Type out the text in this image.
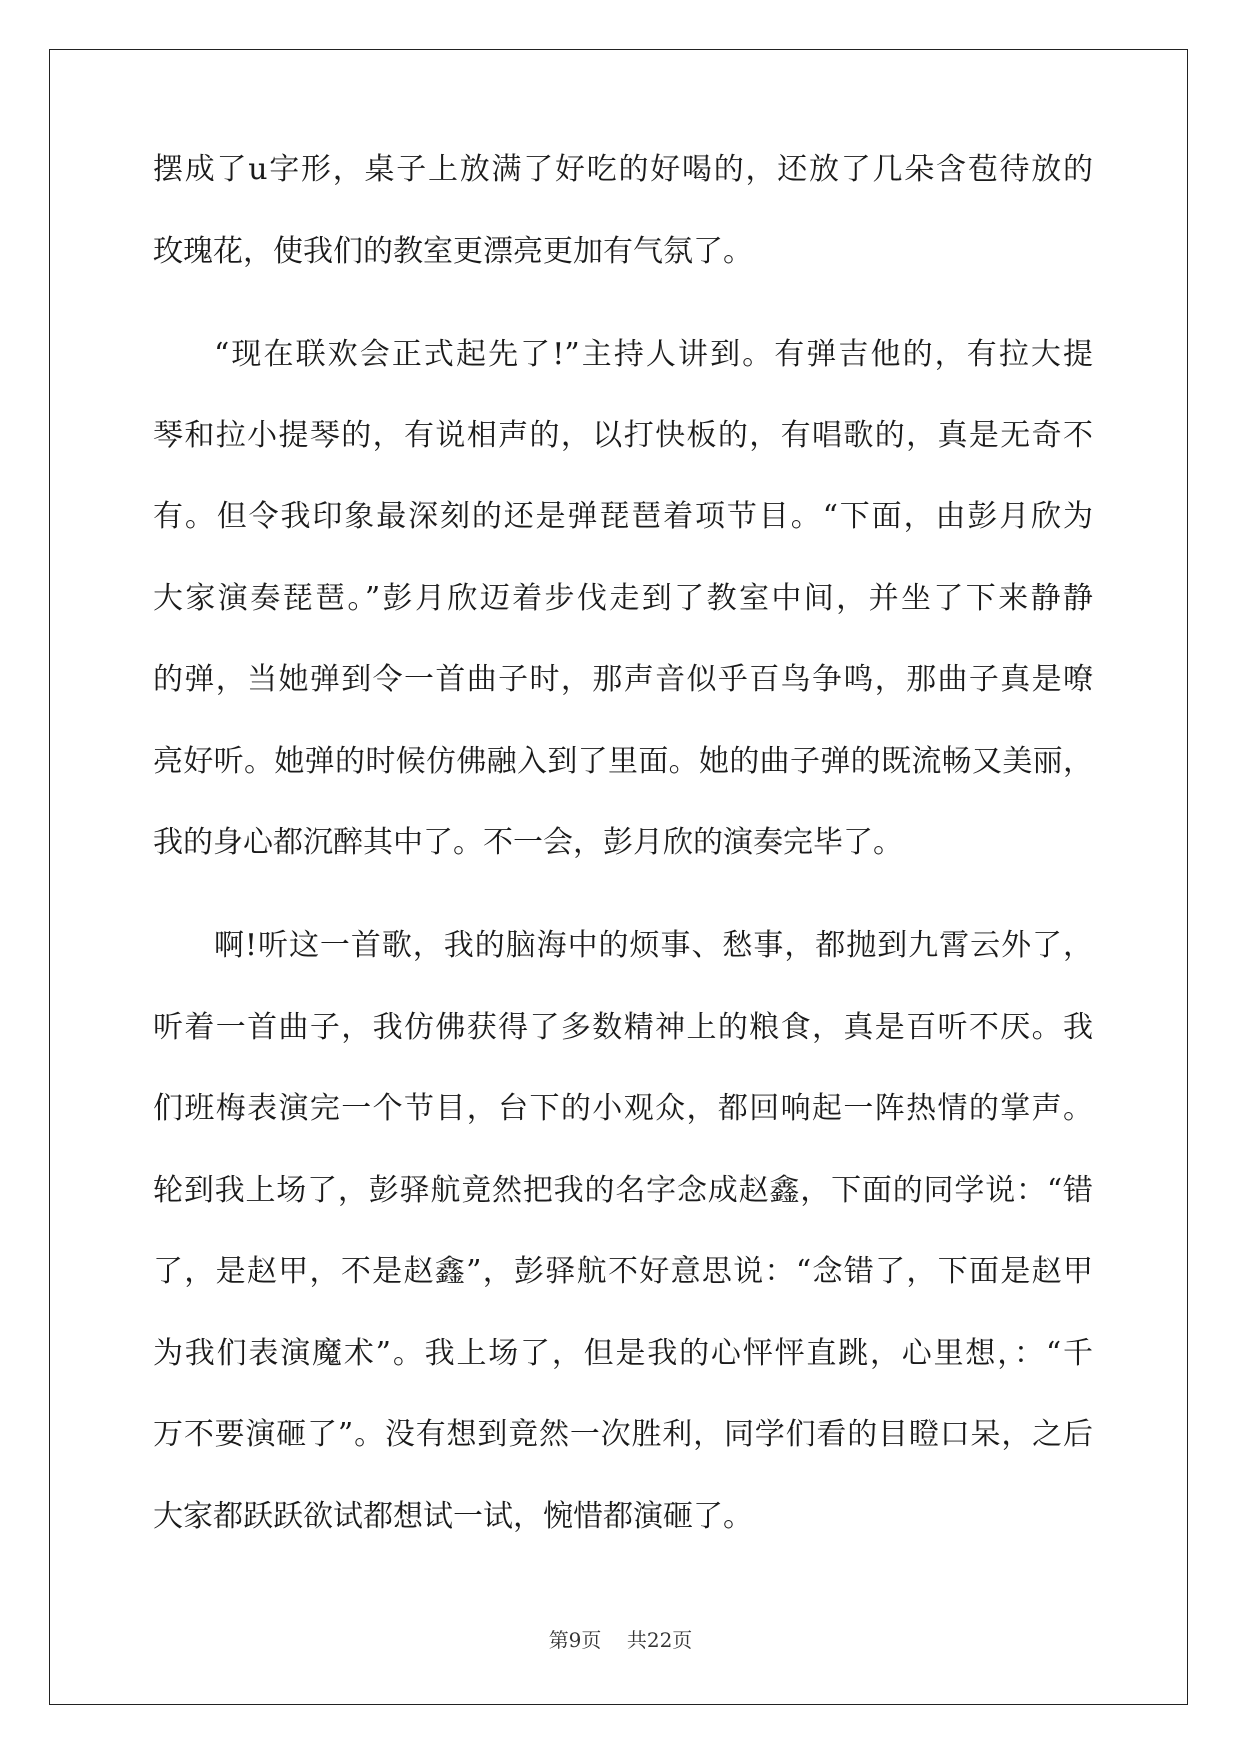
摆成了u字形，桌子上放满了好吃的好喝的，还放了几朵含苞待放的
玫瑰花，使我们的教室更漂亮更加有气氛了。
“现在联欢会正式起先了!”主持人讲到。有弹吉他的，有拉大提
琴和拉小提琴的，有说相声的，以打快板的，有唱歌的，真是无奇不
有。但令我印象最深刻的还是弹琵琶着项节目。“下面，由彭月欣为
大家演奏琵琶。”彭月欣迈着步伐走到了教室中间，并坐了下来静静
的弹，当她弹到令一首曲子时，那声音似乎百鸟争鸣，那曲子真是嘹
亮好听。她弹的时候仿佛融入到了里面。她的曲子弹的既流畅又美丽，
我的身心都沉醉其中了。不一会，彭月欣的演奏完毕了。
啊!听这一首歌，我的脑海中的烦事、愁事，都抛到九霄云外了，
听着一首曲子，我仿佛获得了多数精神上的粮食，真是百听不厌。我
们班梅表演完一个节目，台下的小观众，都回响起一阵热情的掌声。
轮到我上场了，彭驿航竟然把我的名字念成赵鑫，下面的同学说：“错
了，是赵甲，不是赵鑫”，彭驿航不好意思说：“念错了，下面是赵甲
为我们表演魔术”。我上场了，但是我的心怦怦直跳，心里想，：“千
万不要演砸了”。没有想到竟然一次胜利，同学们看的目瞪口呆，之后
大家都跃跃欲试都想试一试，惋惜都演砸了。
第9页    共22页
